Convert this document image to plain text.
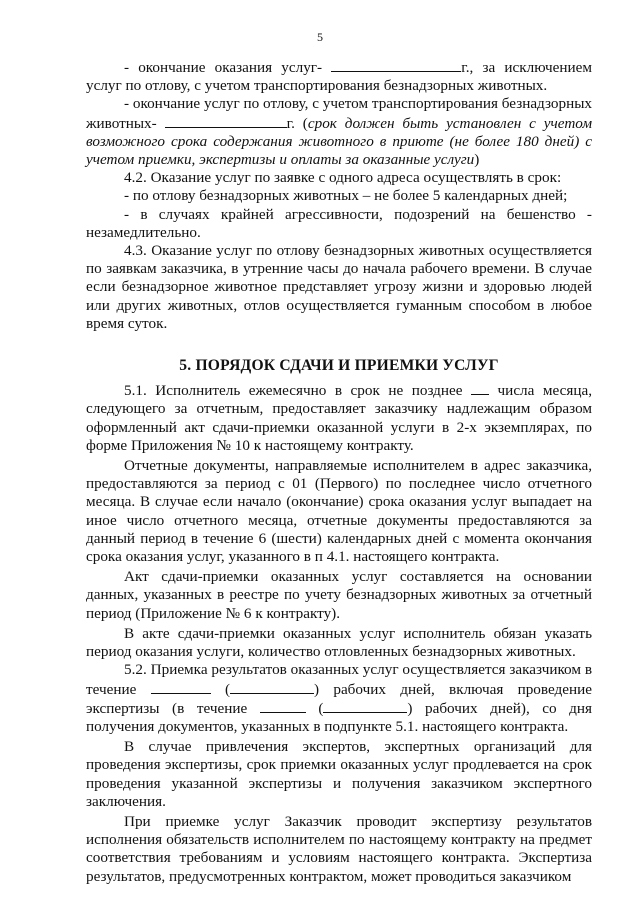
5

- окончание оказания услуг-	г., за исключением услуг по отлову, с учетом транспортирования безнадзорных животных.

- окончание услуг по отлову, с учетом транспортирования безнадзорных животных-	г. (срок должен быть установлен с учетом возможного срока содержания животного в приюте (не более 180 дней) с учетом приемки, экспертизы и оплаты за оказанные услуги)

4.2. Оказание услуг по заявке с одного адреса осуществлять в срок:

- по отлову безнадзорных животных – не более 5 календарных дней;

- в случаях крайней агрессивности, подозрений на бешенство - незамедлительно.

4.3. Оказание услуг по отлову безнадзорных животных осуществляется по заявкам заказчика, в утренние часы до начала рабочего времени. В случае если безнадзорное животное представляет угрозу жизни и здоровью людей или других животных, отлов осуществляется гуманным способом в любое время суток.

5. ПОРЯДОК СДАЧИ И ПРИЕМКИ УСЛУГ

5.1. Исполнитель ежемесячно в срок не позднее числа месяца, следующего за отчетным, предоставляет заказчику надлежащим образом оформленный акт сдачи-приемки оказанной услуги в 2-х экземплярах, по форме Приложения № 10 к настоящему контракту.

Отчетные документы, направляемые исполнителем в адрес заказчика, предоставляются за период с 01 (Первого) по последнее число отчетного месяца. В случае если начало (окончание) срока оказания услуг выпадает на иное число отчетного месяца, отчетные документы предоставляются за данный период в течение 6 (шести) календарных дней с момента окончания срока оказания услуг, указанного в п 4.1. настоящего контракта.

Акт сдачи-приемки оказанных услуг составляется на основании данных, указанных в реестре по учету безнадзорных животных за отчетный период (Приложение № 6 к контракту).

В акте сдачи-приемки оказанных услуг исполнитель обязан указать период оказания услуги, количество отловленных безнадзорных животных.

5.2. Приемка результатов оказанных услуг осуществляется заказчиком в течение	(	) рабочих дней, включая проведение экспертизы (в течение	(	) рабочих дней), со дня получения документов, указанных в подпункте 5.1. настоящего контракта.

В случае привлечения экспертов, экспертных организаций для проведения экспертизы, срок приемки оказанных услуг продлевается на срок проведения указанной экспертизы и получения заказчиком экспертного заключения.

При приемке услуг Заказчик проводит экспертизу результатов исполнения обязательств исполнителем по настоящему контракту на предмет соответствия требованиям и условиям настоящего контракта. Экспертиза результатов, предусмотренных контрактом, может проводиться заказчиком
